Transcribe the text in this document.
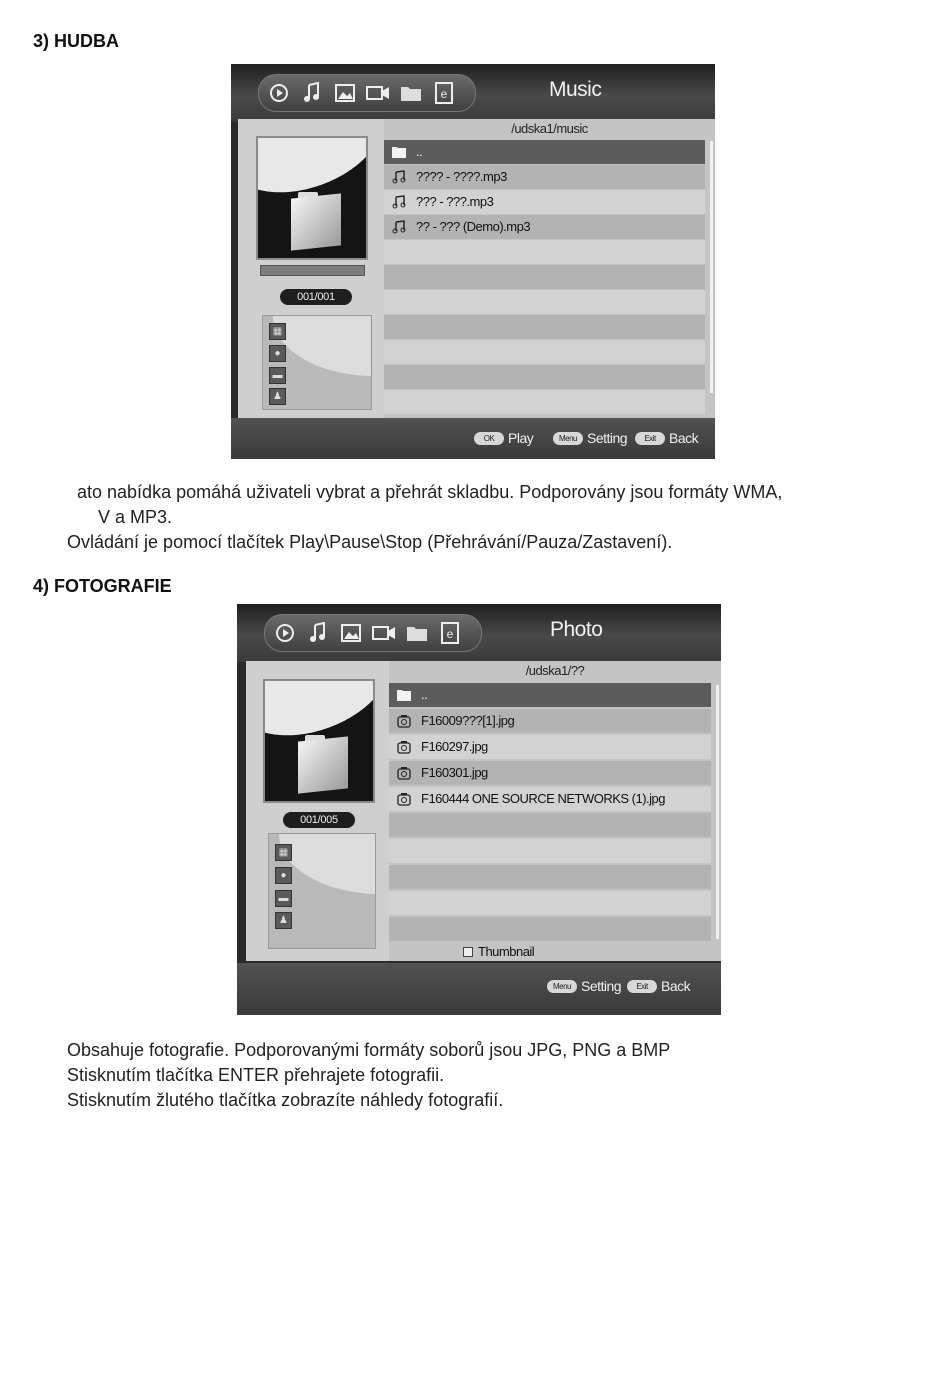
3) HUDBA
e	Music
001/001
▦
●
▬
♟
/udska1/music
..
???? - ????.mp3
??? - ???.mp3
?? - ??? (Demo).mp3
OK Play	Menu Setting	Exit Back
ato nabídka pomáhá uživateli vybrat a přehrát skladbu. Podporovány jsou formáty WMA,
V a MP3.
Ovládání je pomocí tlačítek Play\Pause\Stop (Přehrávání/Pauza/Zastavení).
4) FOTOGRAFIE
e	Photo
001/005
▦
●
▬
♟
/udska1/??
..
F16009???[1].jpg
F160297.jpg
F160301.jpg
F160444 ONE SOURCE NETWORKS (1).jpg
Thumbnail
Menu Setting	Exit Back
Obsahuje fotografie. Podporovanými formáty soborů jsou JPG, PNG a BMP
Stisknutím tlačítka ENTER přehrajete fotografii.
Stisknutím žlutého tlačítka zobrazíte náhledy fotografií.
